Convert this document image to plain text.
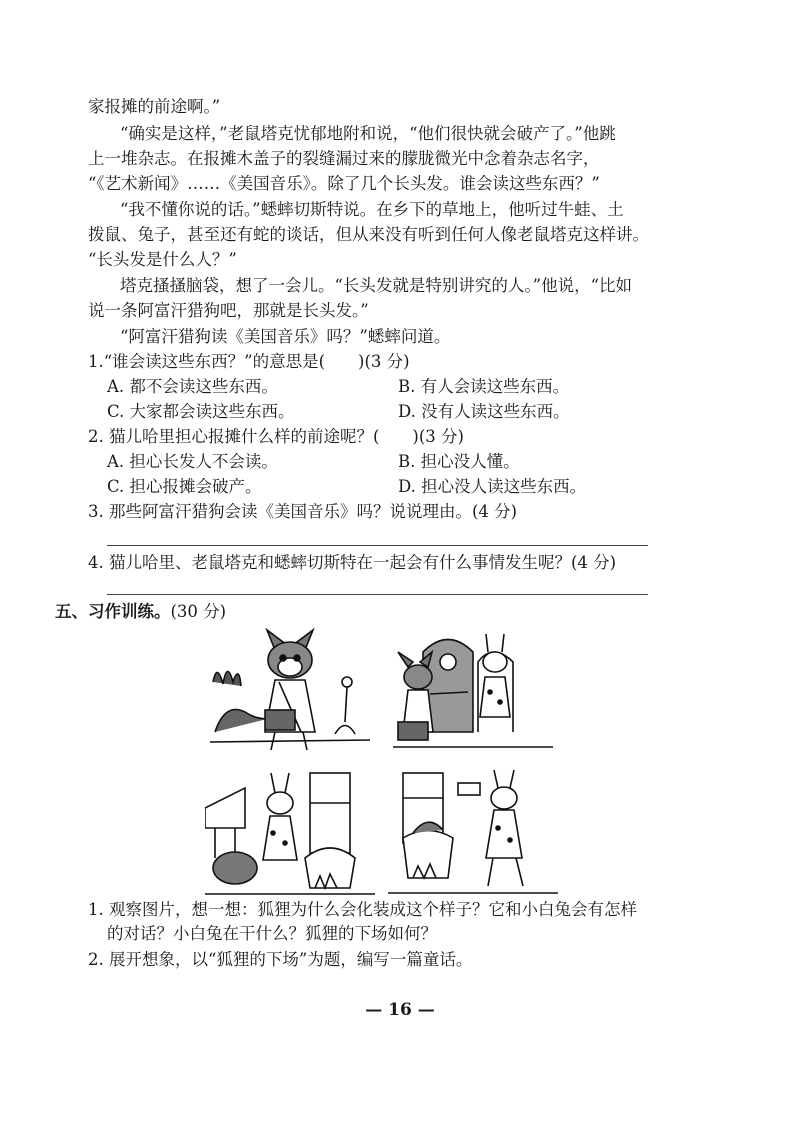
家报摊的前途啊。”
“确实是这样，”老鼠塔克忧郁地附和说，“他们很快就会破产了。”他跳
上一堆杂志。在报摊木盖子的裂缝漏过来的朦胧微光中念着杂志名字，
“《艺术新闻》……《美国音乐》。除了几个长头发。谁会读这些东西？”
“我不懂你说的话。”蟋蟀切斯特说。在乡下的草地上，他听过牛蛙、土
拨鼠、兔子，甚至还有蛇的谈话，但从来没有听到任何人像老鼠塔克这样讲。
“长头发是什么人？”
塔克搔搔脑袋，想了一会儿。“长头发就是特别讲究的人。”他说，“比如
说一条阿富汗猎狗吧，那就是长头发。”
“阿富汗猎狗读《美国音乐》吗？”蟋蟀问道。
1.“谁会读这些东西？”的意思是(　　)(3 分)
A. 都不会读这些东西。	B. 有人会读这些东西。
C. 大家都会读这些东西。	D. 没有人读这些东西。
2. 猫儿哈里担心报摊什么样的前途呢？(　　)(3 分)
A. 担心长发人不会读。	B. 担心没人懂。
C. 担心报摊会破产。	D. 担心没人读这些东西。
3. 那些阿富汗猎狗会读《美国音乐》吗？说说理由。(4 分)
4. 猫儿哈里、老鼠塔克和蟋蟀切斯特在一起会有什么事情发生呢？(4 分)
五、习作训练。(30 分)
1. 观察图片，想一想：狐狸为什么会化装成这个样子？它和小白兔会有怎样
的对话？小白兔在干什么？狐狸的下场如何？
2. 展开想象，以“狐狸的下场”为题，编写一篇童话。
— 16 —
